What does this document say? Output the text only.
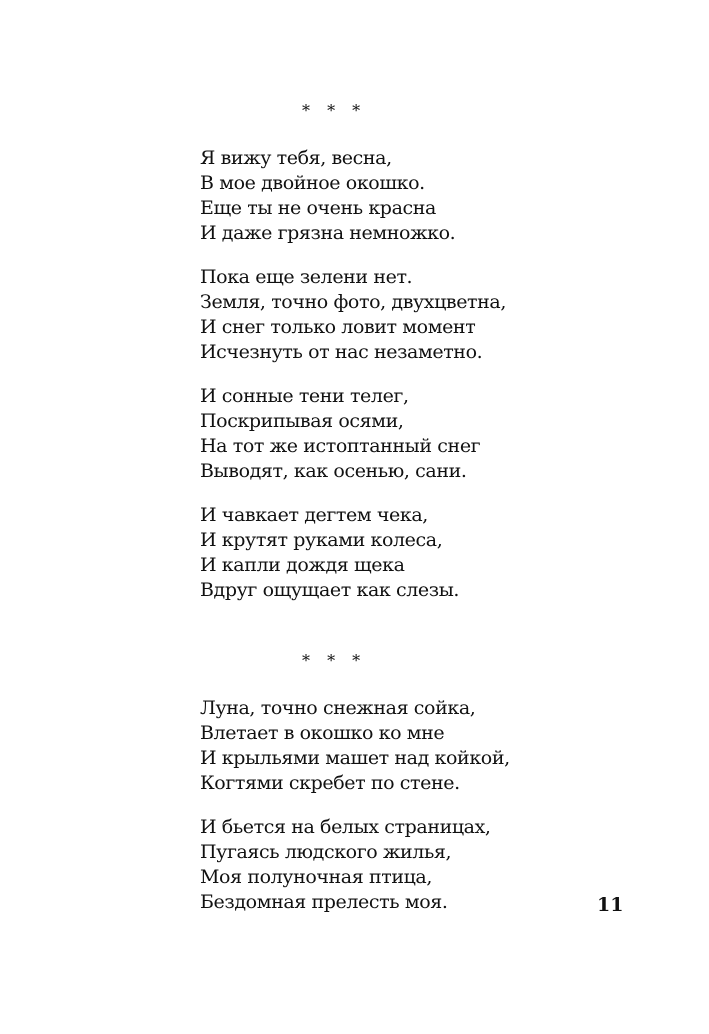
* * *
Я вижу тебя, весна,
В мое двойное окошко.
Еще ты не очень красна
И даже грязна немножко.
Пока еще зелени нет.
Земля, точно фото, двухцветна,
И снег только ловит момент
Исчезнуть от нас незаметно.
И сонные тени телег,
Поскрипывая осями,
На тот же истоптанный снег
Выводят, как осенью, сани.
И чавкает дегтем чека,
И крутят руками колеса,
И капли дождя щека
Вдруг ощущает как слезы.
* * *
Луна, точно снежная сойка,
Влетает в окошко ко мне
И крыльями машет над койкой,
Когтями скребет по стене.
И бьется на белых страницах,
Пугаясь людского жилья,
Моя полуночная птица,
Бездомная прелесть моя.	11
